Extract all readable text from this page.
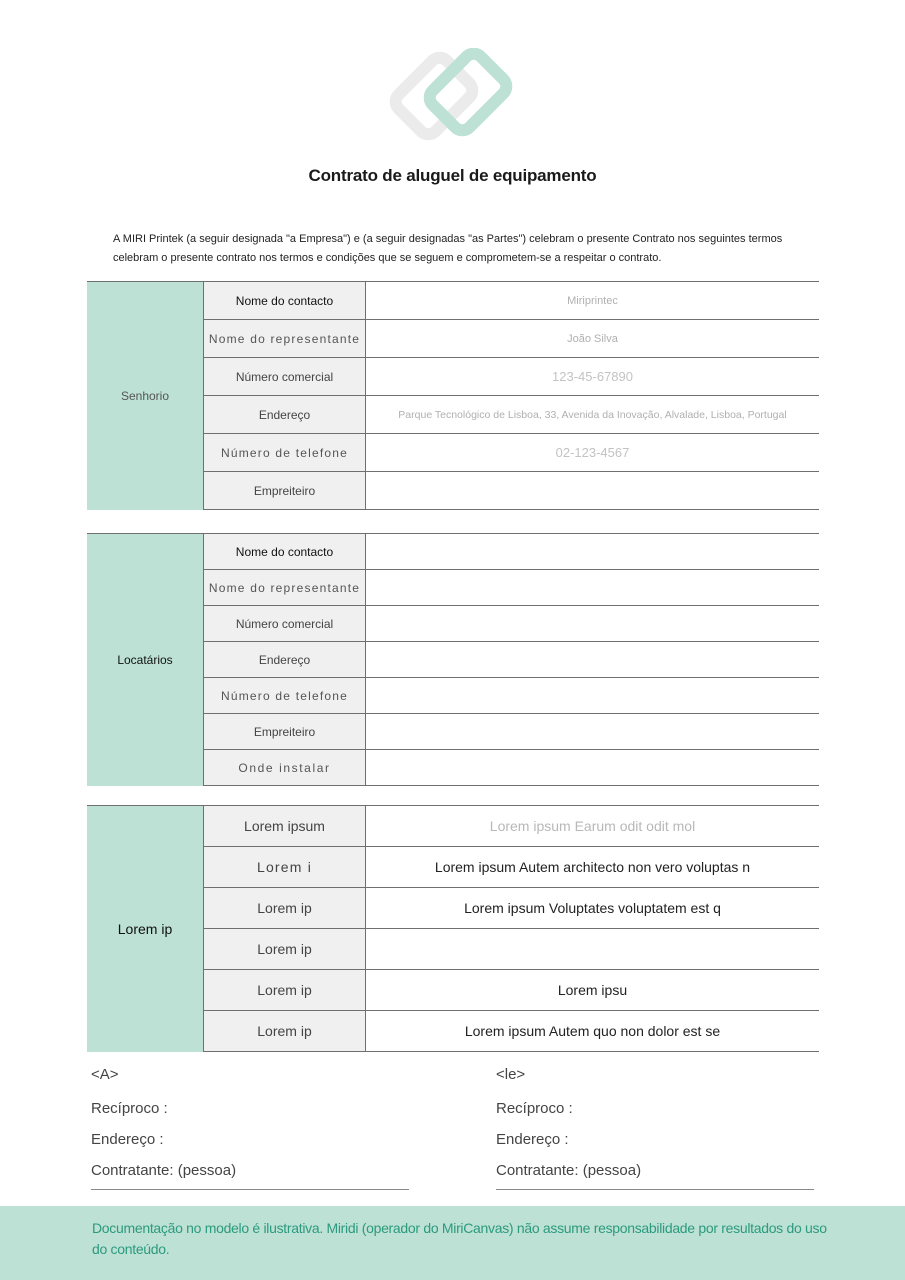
Contrato de aluguel de equipamento

A MIRI Printek (a seguir designada "a Empresa") e (a seguir designadas "as Partes") celebram o presente Contrato nos seguintes termos

celebram o presente contrato nos termos e condições que se seguem e comprometem-se a respeitar o contrato.

Senhorio	Nome do contacto	Miriprintec
	Nome do representante	João Silva
	Número comercial	123-45-67890
	Endereço	Parque Tecnológico de Lisboa, 33, Avenida da Inovação, Alvalade, Lisboa, Portugal
	Número de telefone	02-123-4567
	Empreiteiro	
Locatários	Nome do contacto	
	Nome do representante	
	Número comercial	
	Endereço	
	Número de telefone	
	Empreiteiro	
	Onde instalar	
Lorem ip	Lorem ipsum	Lorem ipsum Earum odit odit mol
	Lorem i	Lorem ipsum Autem architecto non vero voluptas n
	Lorem ip	Lorem ipsum Voluptates voluptatem est q
	Lorem ip	
	Lorem ip	Lorem ipsu
	Lorem ip	Lorem ipsum Autem quo non dolor est se
<A>
Recíproco :
Endereço :
Contratante: (pessoa)
<le>
Recíproco :
Endereço :
Contratante: (pessoa)

Documentação no modelo é ilustrativa. Miridi (operador do MiriCanvas) não assume responsabilidade por resultados do uso do conteúdo.
